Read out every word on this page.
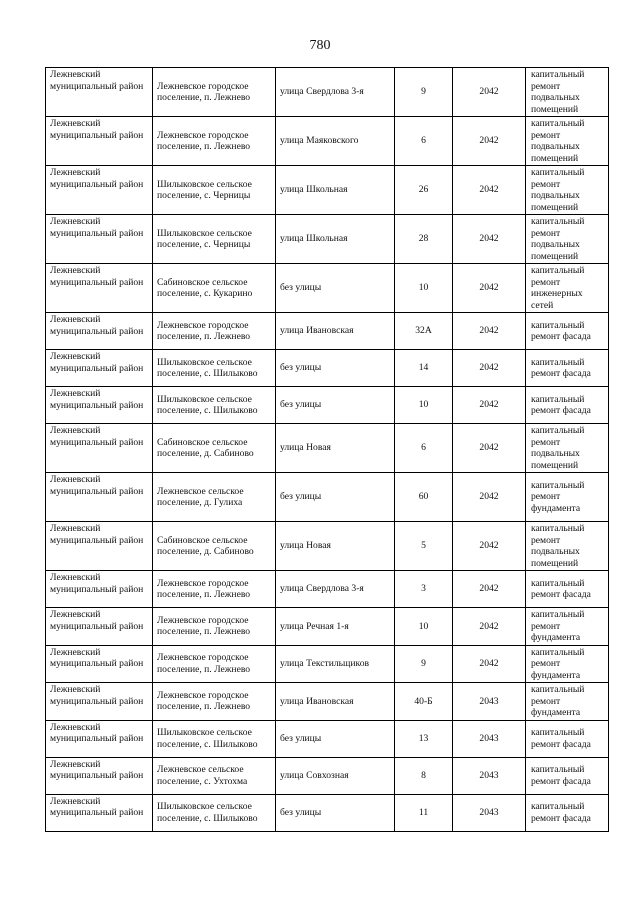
780
Лежневский муниципальный район	Лежневское городское поселение, п. Лежнево	улица Свердлова 3-я	9	2042	капитальный ремонт подвальных помещений
Лежневский муниципальный район	Лежневское городское поселение, п. Лежнево	улица Маяковского	6	2042	капитальный ремонт подвальных помещений
Лежневский муниципальный район	Шилыковское сельское поселение, с. Черницы	улица Школьная	26	2042	капитальный ремонт подвальных помещений
Лежневский муниципальный район	Шилыковское сельское поселение, с. Черницы	улица Школьная	28	2042	капитальный ремонт подвальных помещений
Лежневский муниципальный район	Сабиновское сельское поселение, с. Кукарино	без улицы	10	2042	капитальный ремонт инженерных сетей
Лежневский муниципальный район	Лежневское городское поселение, п. Лежнево	улица Ивановская	32А	2042	капитальный ремонт фасада
Лежневский муниципальный район	Шилыковское сельское поселение, с. Шилыково	без улицы	14	2042	капитальный ремонт фасада
Лежневский муниципальный район	Шилыковское сельское поселение, с. Шилыково	без улицы	10	2042	капитальный ремонт фасада
Лежневский муниципальный район	Сабиновское сельское поселение, д. Сабиново	улица Новая	6	2042	капитальный ремонт подвальных помещений
Лежневский муниципальный район	Лежневское сельское поселение, д. Гулиха	без улицы	60	2042	капитальный ремонт фундамента
Лежневский муниципальный район	Сабиновское сельское поселение, д. Сабиново	улица Новая	5	2042	капитальный ремонт подвальных помещений
Лежневский муниципальный район	Лежневское городское поселение, п. Лежнево	улица Свердлова 3-я	3	2042	капитальный ремонт фасада
Лежневский муниципальный район	Лежневское городское поселение, п. Лежнево	улица Речная 1-я	10	2042	капитальный ремонт фундамента
Лежневский муниципальный район	Лежневское городское поселение, п. Лежнево	улица Текстильщиков	9	2042	капитальный ремонт фундамента
Лежневский муниципальный район	Лежневское городское поселение, п. Лежнево	улица Ивановская	40-Б	2043	капитальный ремонт фундамента
Лежневский муниципальный район	Шилыковское сельское поселение, с. Шилыково	без улицы	13	2043	капитальный ремонт фасада
Лежневский муниципальный район	Лежневское сельское поселение, с. Ухтохма	улица Совхозная	8	2043	капитальный ремонт фасада
Лежневский муниципальный район	Шилыковское сельское поселение, с. Шилыково	без улицы	11	2043	капитальный ремонт фасада
